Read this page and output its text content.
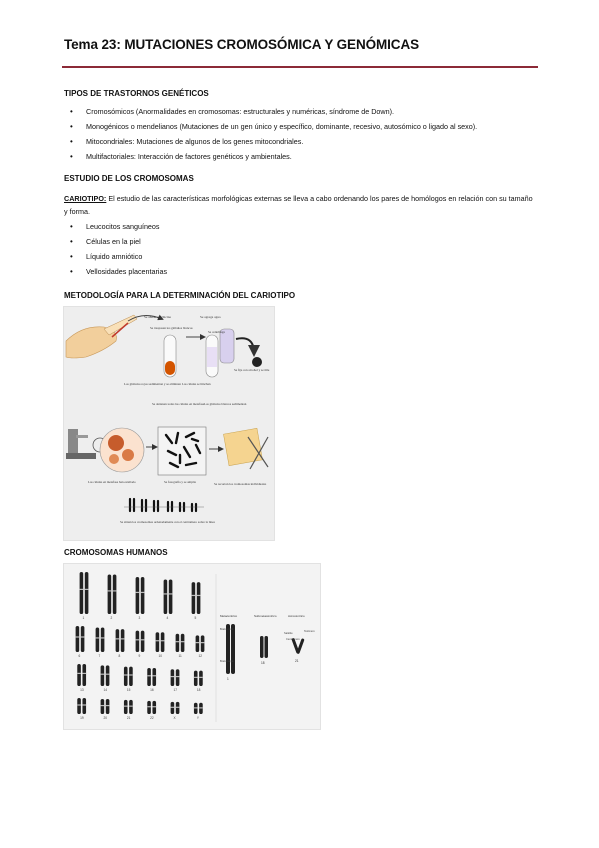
Tema 23: MUTACIONES CROMOSÓMICA Y GENÓMICAS
TIPOS DE TRASTORNOS GENÉTICOS
• Cromosómicos (Anormalidades en cromosomas: estructurales y numéricas, síndrome de Down).
• Monogénicos o mendelianos (Mutaciones de un gen único y específico, dominante, recesivo, autosómico o ligado al sexo).
• Mitocondriales: Mutaciones de algunos de los genes mitocondriales.
• Multifactoriales: Interacción de factores genéticos y ambientales.
ESTUDIO DE LOS CROMOSOMAS
CARIOTIPO: El estudio de las características morfológicas externas se lleva a cabo ordenando los pares de homólogos en relación con su tamaño y forma.
• Leucocitos sanguíneos
• Células en la piel
• Líquido amniótico
• Vellosidades placentarias
METODOLOGÍA PARA LA DETERMINACIÓN DEL CARIOTIPO
Se añade colchicina	Se agrega agua
Se traspasan los glóbulos blancos
Se centrifuga
Los glóbulos rojos sedimentan y se eliminan Las células se hinchan
Se fija con alcohol y se tiñe
Se detienen todas las células en metafase Los glóbulos blancos sedimentan
Las células en metafase han estallado	Se fotografía y se amplía	Se recortan los cromosomas individuales
Se sitúan los cromosomas ordenadamente con el centrómero sobre la línea
CROMOSOMAS HUMANOS
1	2	3	4	5
6	7	8	9	10	11	12
13	14	15	16	17	18
19	20	21	22	X	Y
Metacéntrico	Submetacéntrico	Acrocéntrico
1
18	21
Satélite
Centrómero
Telómero
Brazo corto
Brazo largo
